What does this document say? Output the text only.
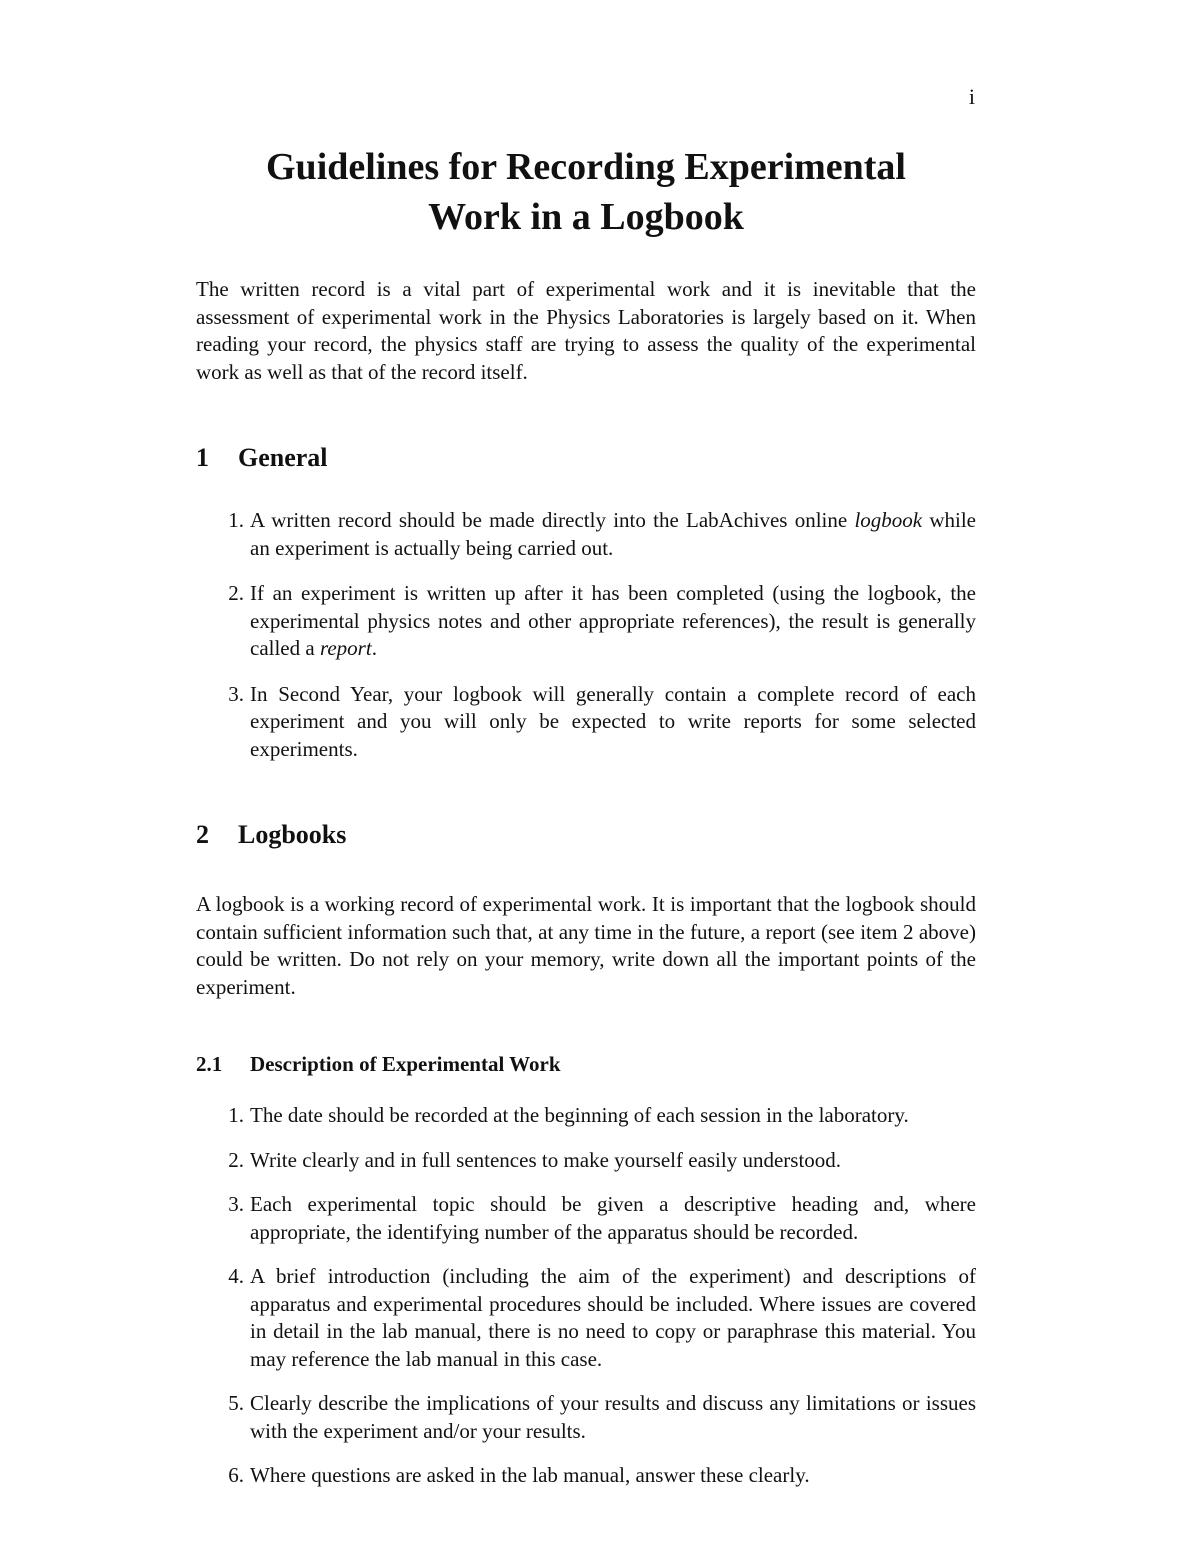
i
Guidelines for Recording Experimental
Work in a Logbook

The written record is a vital part of experimental work and it is inevitable that the assessment of experimental work in the Physics Laboratories is largely based on it. When reading your record, the physics staff are trying to assess the quality of the experimental work as well as that of the record itself.

1 General
1. A written record should be made directly into the LabAchives online logbook while an experiment is actually being carried out.
2. If an experiment is written up after it has been completed (using the logbook, the experimental physics notes and other appropriate references), the result is generally called a report.
3. In Second Year, your logbook will generally contain a complete record of each experiment and you will only be expected to write reports for some selected experiments.
2 Logbooks

A logbook is a working record of experimental work. It is important that the logbook should contain sufficient information such that, at any time in the future, a report (see item 2 above) could be written. Do not rely on your memory, write down all the important points of the experiment.

2.1 Description of Experimental Work
1. The date should be recorded at the beginning of each session in the laboratory.
2. Write clearly and in full sentences to make yourself easily understood.
3. Each experimental topic should be given a descriptive heading and, where appropriate, the identifying number of the apparatus should be recorded.
4. A brief introduction (including the aim of the experiment) and descriptions of apparatus and experimental procedures should be included. Where issues are covered in detail in the lab manual, there is no need to copy or paraphrase this material. You may reference the lab manual in this case.
5. Clearly describe the implications of your results and discuss any limitations or issues with the experiment and/or your results.
6. Where questions are asked in the lab manual, answer these clearly.
